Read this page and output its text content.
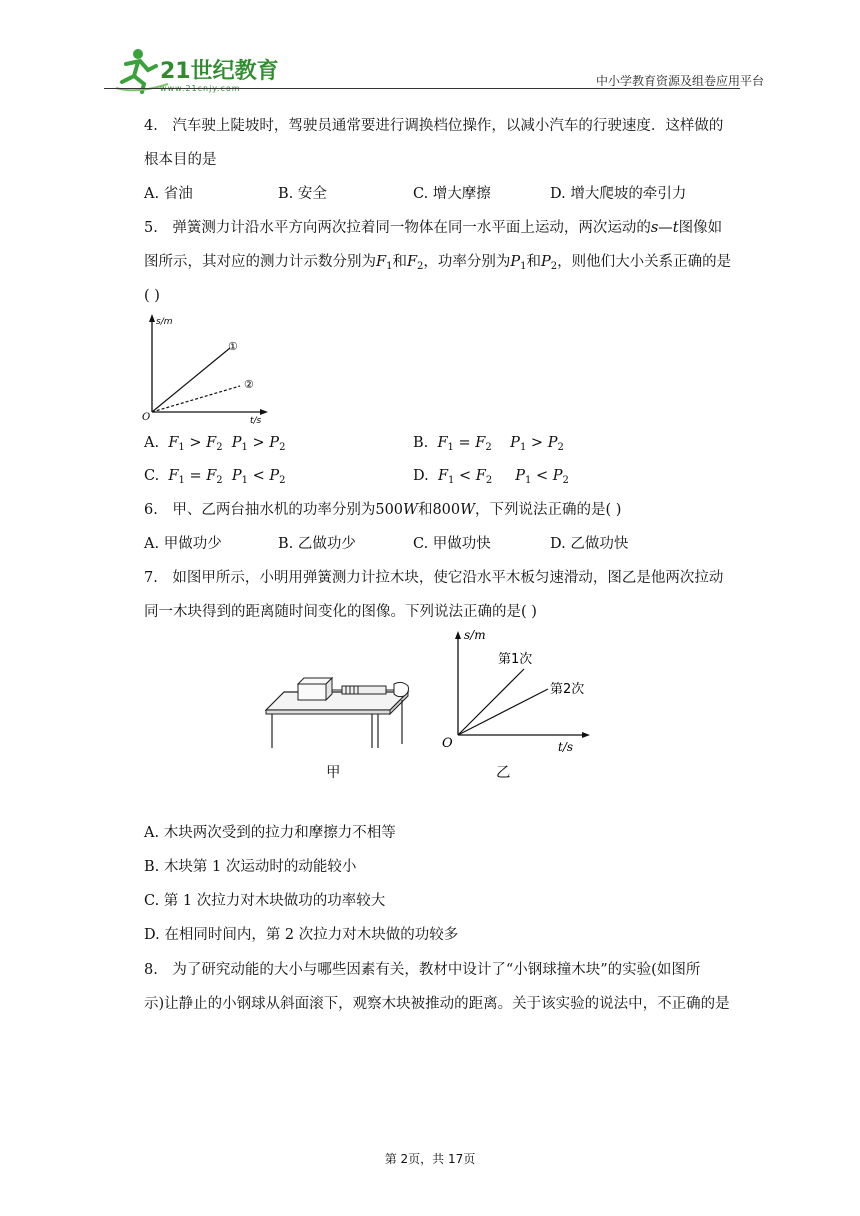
21世纪教育	中小学教育资源及组卷应用平台
4.　汽车驶上陡坡时，驾驶员通常要进行调换档位操作，以减小汽车的行驶速度．这样做的
根本目的是
A. 省油	B. 安全	C. 增大摩擦	D. 增大爬坡的牵引力
5.　弹簧测力计沿水平方向两次拉着同一物体在同一水平面上运动，两次运动的s—t图像如
图所示，其对应的测力计示数分别为$F_1$和$F_2$，功率分别为$P_1$和$P_2$，则他们大小关系正确的是
( )
s/m
t/s
O
①
②
A. $F_1 > F_2$ $P_1 > P_2$	B. $F_1 = F_2$ $P_1 > P_2$
C. $F_1 = F_2$ $P_1 < P_2$	D. $F_1 < F_2$ $P_1 < P_2$
6.　甲、乙两台抽水机的功率分别为500W和800W，下列说法正确的是( )
A. 甲做功少	B. 乙做功少	C. 甲做功快	D. 乙做功快
7.　如图甲所示，小明用弹簧测力计拉木块，使它沿水平木板匀速滑动，图乙是他两次拉动
同一木块得到的距离随时间变化的图像。下列说法正确的是( )
甲
s/m
t/s
O
第1次
第2次
乙
A. 木块两次受到的拉力和摩擦力不相等
B. 木块第 1 次运动时的动能较小
C. 第 1 次拉力对木块做功的功率较大
D. 在相同时间内，第 2 次拉力对木块做的功较多
8.　为了研究动能的大小与哪些因素有关，教材中设计了“小钢球撞木块”的实验(如图所
示)让静止的小钢球从斜面滚下，观察木块被推动的距离。关于该实验的说法中，不正确的是
第 2页，共 17页
